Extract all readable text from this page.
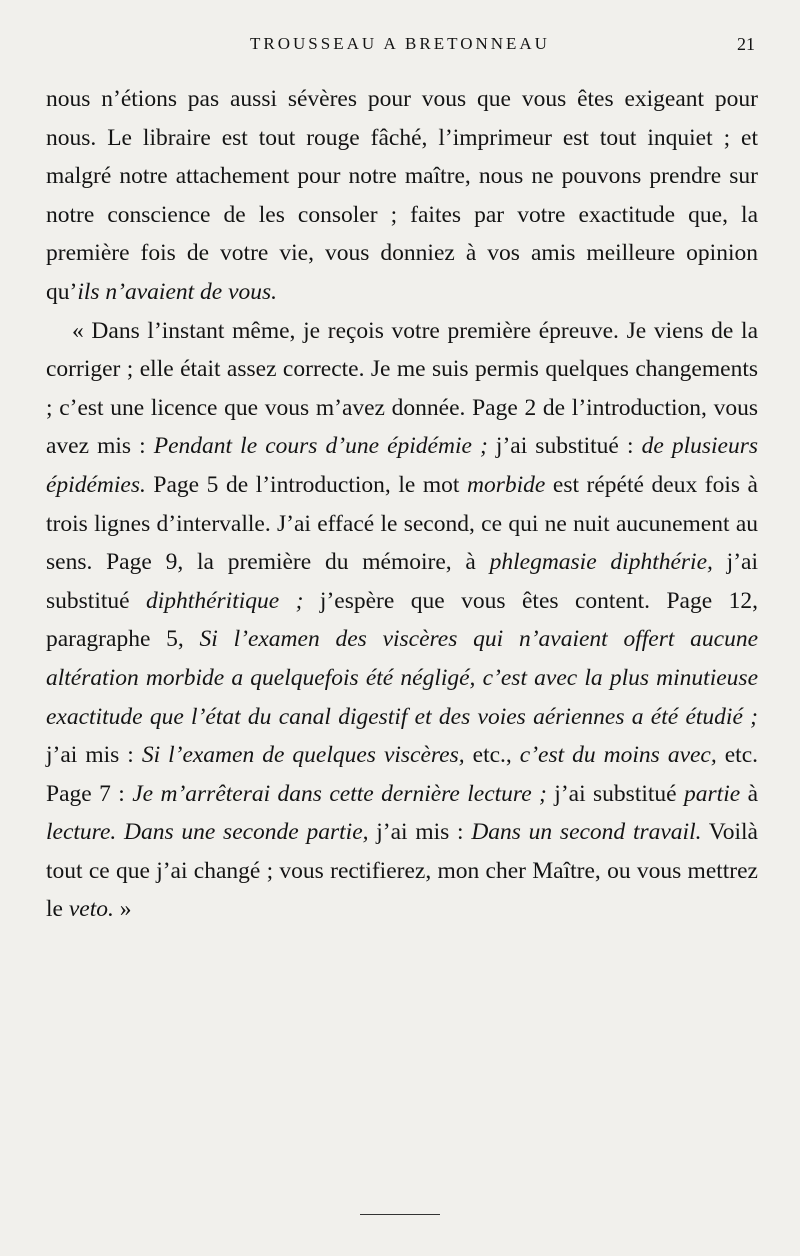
TROUSSEAU A BRETONNEAU	21

nous n’étions pas aussi sévères pour vous que vous êtes exigeant pour nous. Le libraire est tout rouge fâché, l’imprimeur est tout inquiet ; et malgré notre attachement pour notre maître, nous ne pouvons prendre sur notre conscience de les consoler ; faites par votre exactitude que, la première fois de votre vie, vous donniez à vos amis meilleure opinion qu’ils n’avaient de vous.

« Dans l’instant même, je reçois votre première épreuve. Je viens de la corriger ; elle était assez correcte. Je me suis permis quelques changements ; c’est une licence que vous m’avez donnée. Page 2 de l’introduction, vous avez mis : Pendant le cours d’une épidémie ; j’ai substitué : de plusieurs épidémies. Page 5 de l’introduction, le mot morbide est répété deux fois à trois lignes d’intervalle. J’ai effacé le second, ce qui ne nuit aucunement au sens. Page 9, la première du mémoire, à phlegmasie diphthérie, j’ai substitué diphthéritique ; j’espère que vous êtes content. Page 12, paragraphe 5, Si l’examen des viscères qui n’avaient offert aucune altération morbide a quelquefois été négligé, c’est avec la plus minutieuse exactitude que l’état du canal digestif et des voies aériennes a été étudié ; j’ai mis : Si l’examen de quelques viscères, etc., c’est du moins avec, etc. Page 7 : Je m’arrêterai dans cette dernière lecture ; j’ai substitué partie à lecture. Dans une seconde partie, j’ai mis : Dans un second travail. Voilà tout ce que j’ai changé ; vous rectifierez, mon cher Maître, ou vous mettrez le veto. »
